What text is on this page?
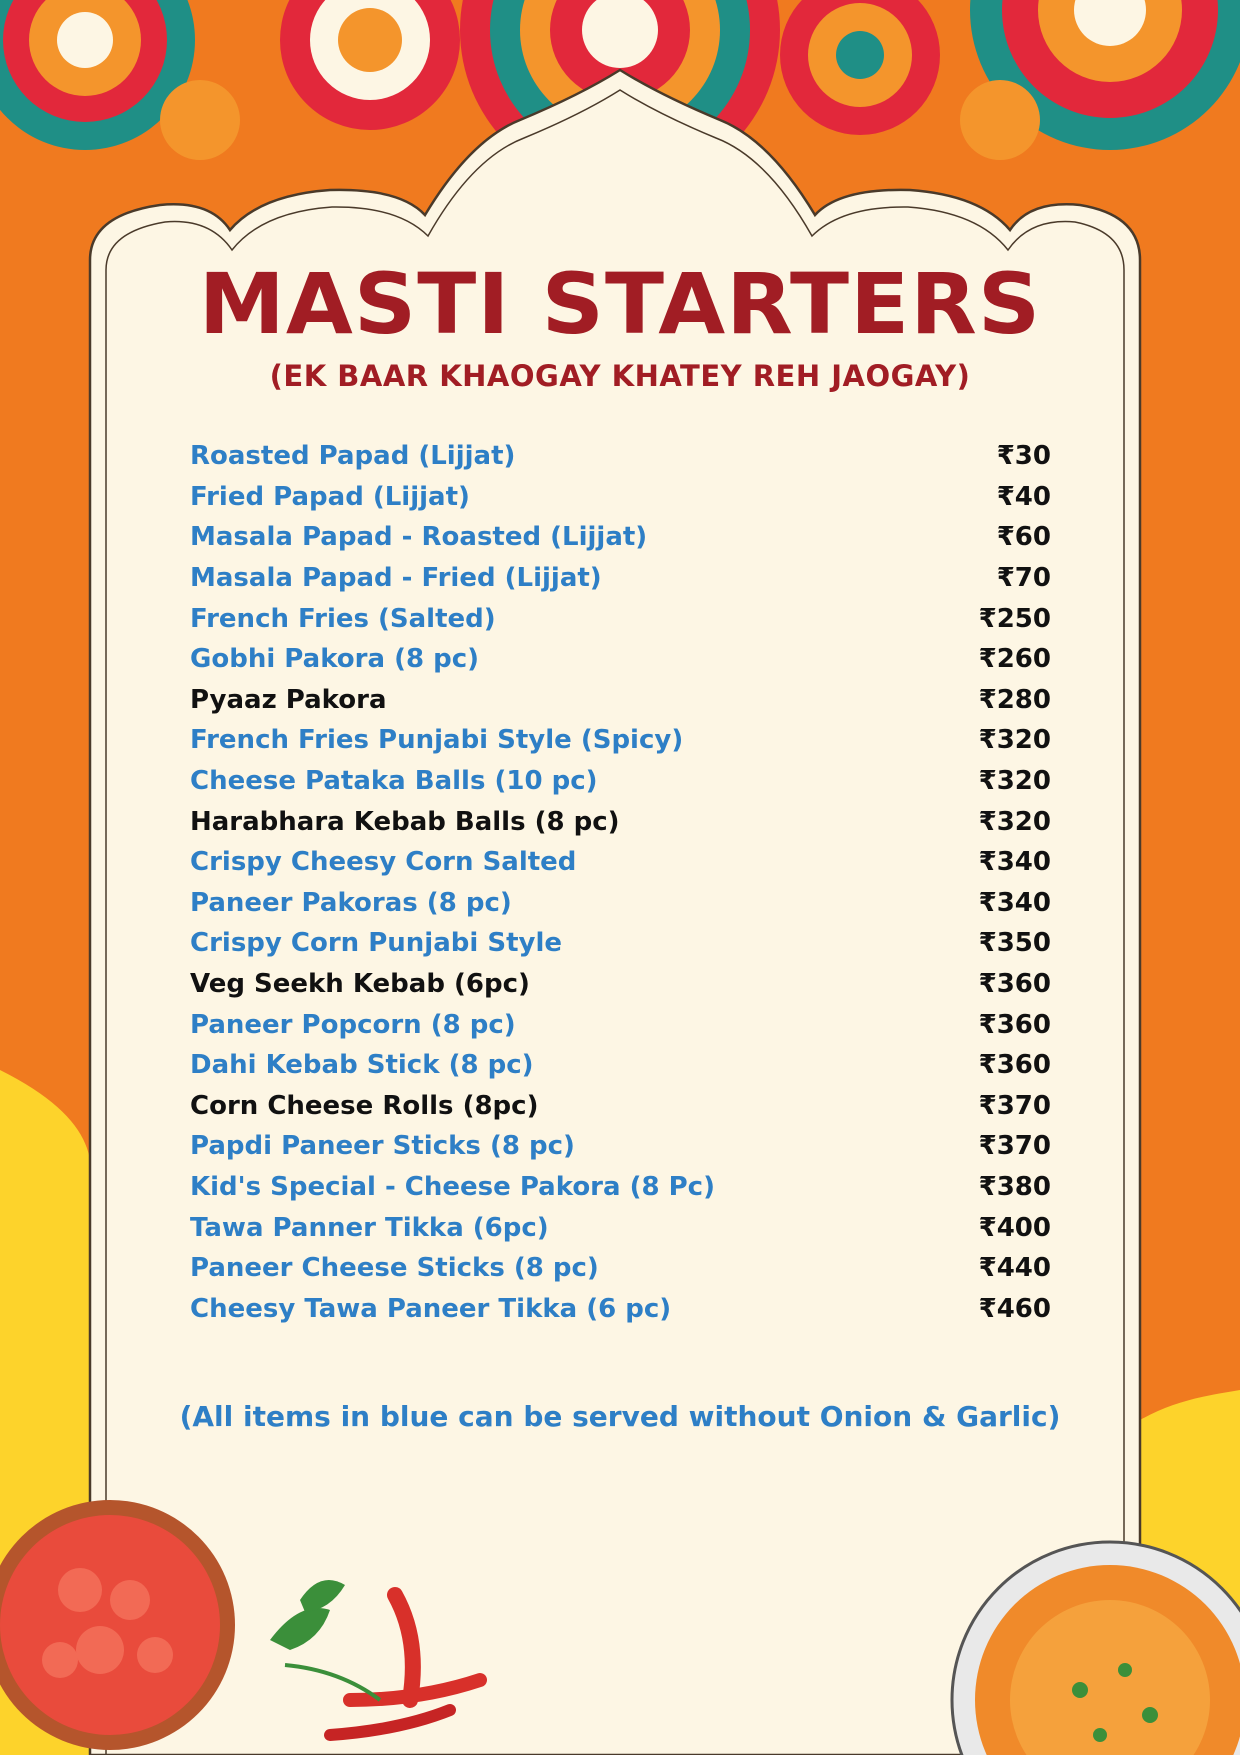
MASTI STARTERS
(EK BAAR KHAOGAY KHATEY REH JAOGAY)
Roasted Papad (Lijjat)	₹30
Fried Papad (Lijjat)	₹40
Masala Papad - Roasted (Lijjat)	₹60
Masala Papad - Fried (Lijjat)	₹70
French Fries (Salted)	₹250
Gobhi Pakora (8 pc)	₹260
Pyaaz Pakora	₹280
French Fries Punjabi Style (Spicy)	₹320
Cheese Pataka Balls (10 pc)	₹320
Harabhara Kebab Balls (8 pc)	₹320
Crispy Cheesy Corn Salted	₹340
Paneer Pakoras (8 pc)	₹340
Crispy Corn Punjabi Style	₹350
Veg Seekh Kebab (6pc)	₹360
Paneer Popcorn (8 pc)	₹360
Dahi Kebab Stick (8 pc)	₹360
Corn Cheese Rolls (8pc)	₹370
Papdi Paneer Sticks (8 pc)	₹370
Kid's Special - Cheese Pakora (8 Pc)	₹380
Tawa Panner Tikka (6pc)	₹400
Paneer Cheese Sticks (8 pc)	₹440
Cheesy Tawa Paneer Tikka (6 pc)	₹460
(All items in blue can be served without Onion & Garlic)
